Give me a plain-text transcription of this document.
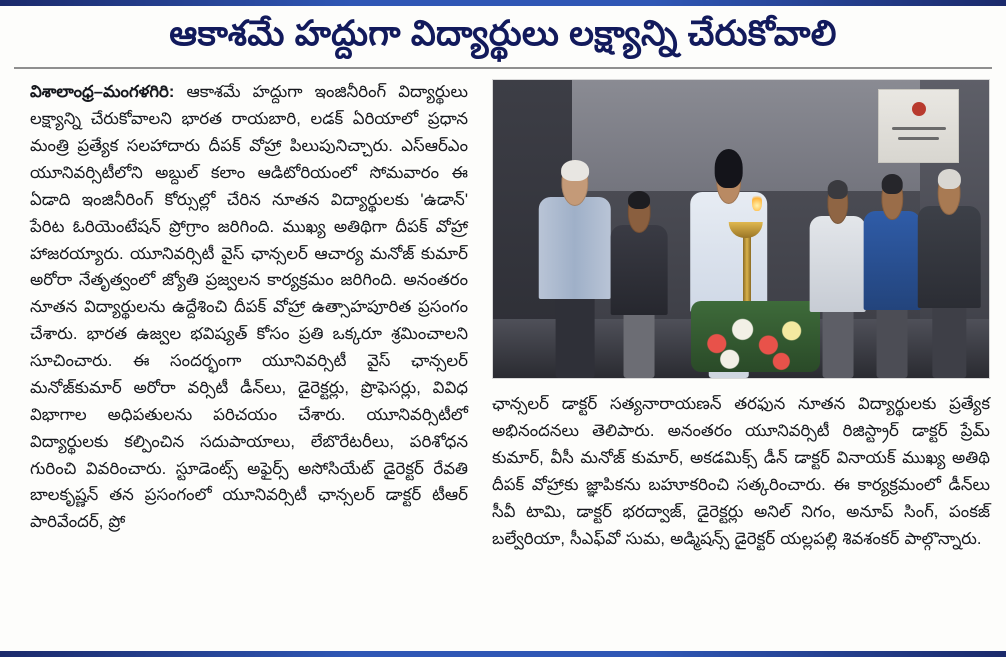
ఆకాశమే హద్దుగా విద్యార్థులు లక్ష్యాన్ని చేరుకోవాలి

విశాలాంధ్ర–మంగళగిరి: ఆకాశమే హద్దుగా ఇంజినీరింగ్ విద్యార్థులు లక్ష్యాన్ని చేరుకోవాలని భారత రాయబారి, లడక్ ఏరియాలో ప్రధాన మంత్రి ప్రత్యేక సలహాదారు దీపక్ వోహ్రా పిలుపునిచ్చారు. ఎస్‌ఆర్‌ఎం యూనివర్సిటీలోని అబ్దుల్ కలాం ఆడిటోరియంలో సోమవారం ఈ ఏడాది ఇంజినీరింగ్ కోర్సుల్లో చేరిన నూతన విద్యార్థులకు 'ఉడాన్' పేరిట ఓరియెంటేషన్ ప్రోగ్రాం జరిగింది. ముఖ్య అతిథిగా దీపక్ వోహ్రా హాజరయ్యారు. యూనివర్సిటీ వైస్ ఛాన్సలర్ ఆచార్య మనోజ్ కుమార్ అరోరా నేతృత్వంలో జ్యోతి ప్రజ్వలన కార్యక్రమం జరిగింది. అనంతరం నూతన విద్యార్థులను ఉద్దేశించి దీపక్ వోహ్రా ఉత్సాహపూరిత ప్రసంగం చేశారు. భారత ఉజ్వల భవిష్యత్ కోసం ప్రతి ఒక్కరూ శ్రమించాలని సూచించారు. ఈ సందర్భంగా యూనివర్సిటీ వైస్ ఛాన్సలర్ మనోజ్‌కుమార్ అరోరా వర్సిటీ డీన్‌లు, డైరెక్టర్లు, ప్రొఫెసర్లు, వివిధ విభాగాల అధిపతులను పరిచయం చేశారు. యూనివర్సిటీలో విద్యార్థులకు కల్పించిన సదుపాయాలు, లేబొరేటరీలు, పరిశోధన గురించి వివరించారు. స్టూడెంట్స్ అఫైర్స్ అసోసియేట్ డైరెక్టర్ రేవతి బాలకృష్ణన్ తన ప్రసంగంలో యూనివర్సిటీ ఛాన్సలర్ డాక్టర్ టీఆర్ పారివేందర్, ప్రో

ఛాన్సలర్ డాక్టర్ సత్యనారాయణన్ తరఫున నూతన విద్యార్థులకు ప్రత్యేక అభినందనలు తెలిపారు. అనంతరం యూనివర్సిటీ రిజిస్ట్రార్ డాక్టర్ ప్రేమ్ కుమార్, వీసీ మనోజ్ కుమార్, అకడమిక్స్ డీన్ డాక్టర్ వినాయక్ ముఖ్య అతిథి దీపక్ వోహ్రాకు జ్ఞాపికను బహూకరించి సత్కరించారు. ఈ కార్యక్రమంలో డీన్‌లు సీవీ టామి, డాక్టర్ భరద్వాజ్, డైరెక్టర్లు అనిల్ నిగం, అనూప్ సింగ్, పంకజ్ బల్వేరియా, సీఎఫ్‌వో సుమ, అడ్మిషన్స్ డైరెక్టర్ యల్లపల్లి శివశంకర్ పాల్గొన్నారు.
